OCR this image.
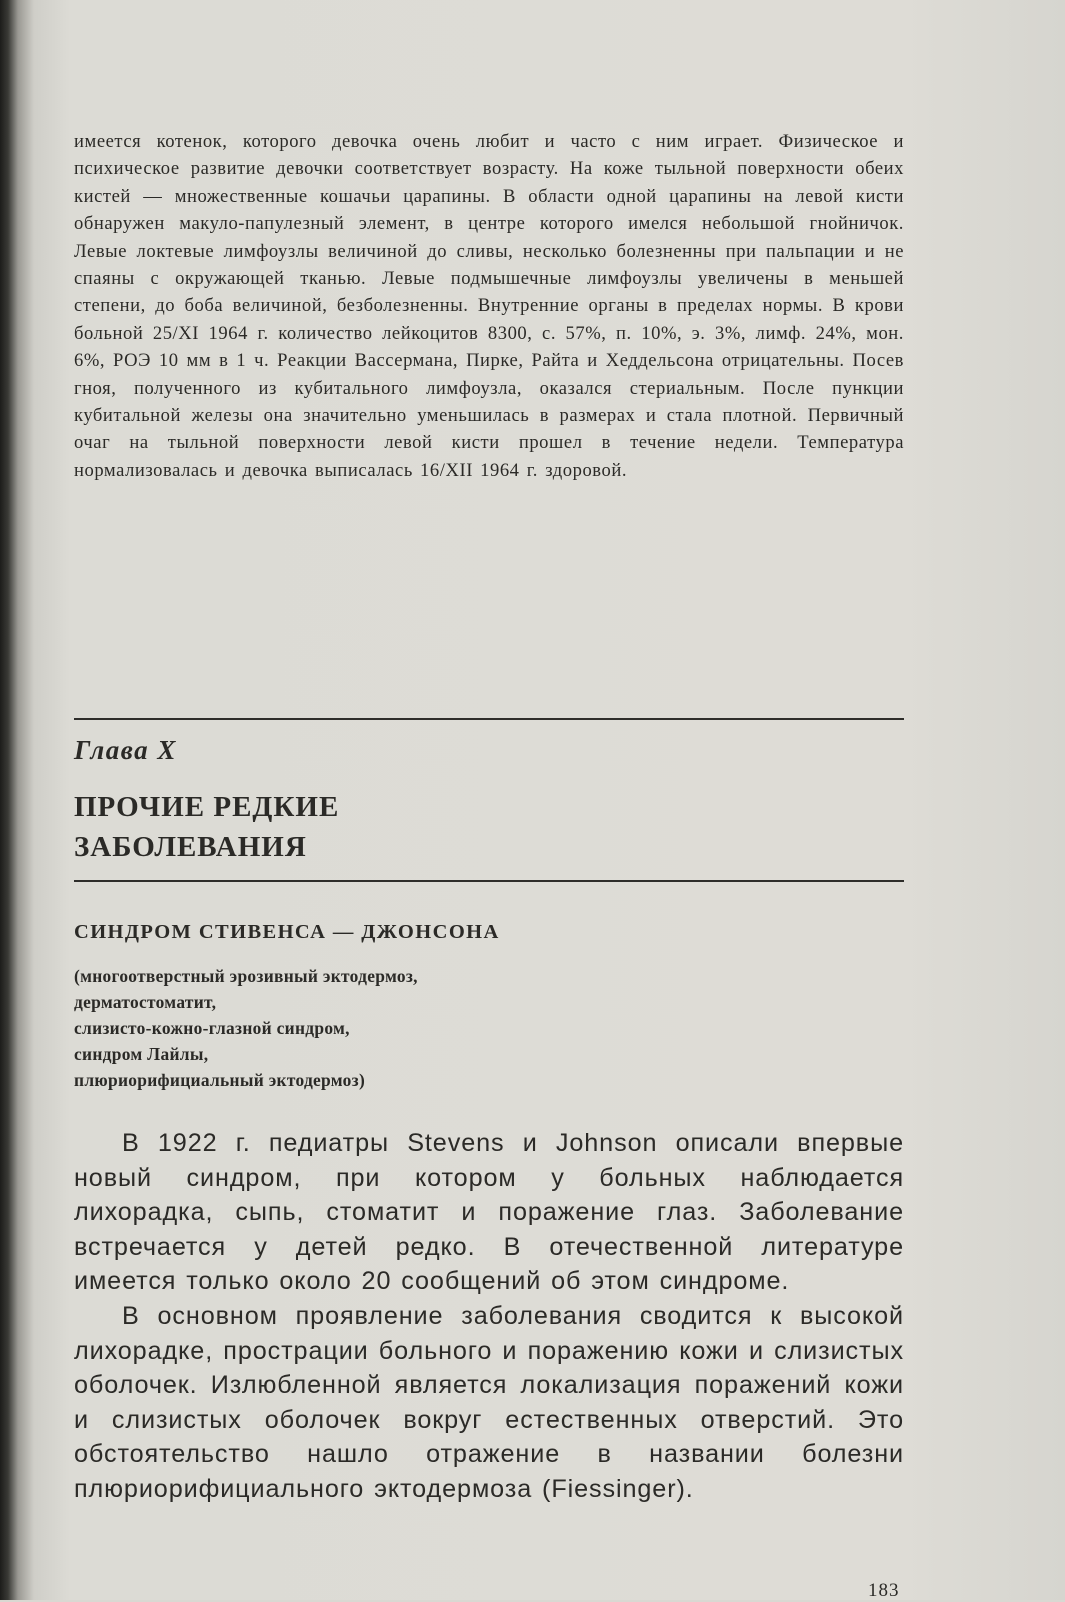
имеется котенок, которого девочка очень любит и часто с ним играет. Физическое и психическое развитие девочки соответствует возрасту. На коже тыльной поверхности обеих кистей — множественные кошачьи царапины. В области одной царапины на левой кисти обнаружен макуло-папулезный элемент, в центре которого имелся небольшой гнойничок. Левые локтевые лимфоузлы величиной до сливы, несколько болезненны при пальпации и не спаяны с окружающей тканью. Левые подмышечные лимфоузлы увеличены в меньшей степени, до боба величиной, безболезненны. Внутренние органы в пределах нормы. В крови больной 25/XI 1964 г. количество лейкоцитов 8300, с. 57%, п. 10%, э. 3%, лимф. 24%, мон. 6%, РОЭ 10 мм в 1 ч. Реакции Вассермана, Пирке, Райта и Хеддельсона отрицательны. Посев гноя, полученного из кубитального лимфоузла, оказался стериальным. После пункции кубитальной железы она значительно уменьшилась в размерах и стала плотной. Первичный очаг на тыльной поверхности левой кисти прошел в течение недели. Температура нормализовалась и девочка выписалась 16/XII 1964 г. здоровой.

Глава X
ПРОЧИЕ РЕДКИЕ
ЗАБОЛЕВАНИЯ
СИНДРОМ СТИВЕНСА — ДЖОНСОНА
(многоотверстный эрозивный эктодермоз,
дерматостоматит,
слизисто-кожно-глазной синдром,
синдром Лайлы,
плюриорифициальный эктодермоз)

В 1922 г. педиатры Stevens и Johnson описали впервые новый синдром, при котором у больных наблюдается лихорадка, сыпь, стоматит и поражение глаз. Заболевание встречается у детей редко. В отечественной литературе имеется только около 20 сообщений об этом синдроме.

В основном проявление заболевания сводится к высокой лихорадке, прострации больного и поражению кожи и слизистых оболочек. Излюбленной является локализация поражений кожи и слизистых оболочек вокруг естественных отверстий. Это обстоятельство нашло отражение в названии болезни плюриорифициального эктодермоза (Fiessinger).

183
